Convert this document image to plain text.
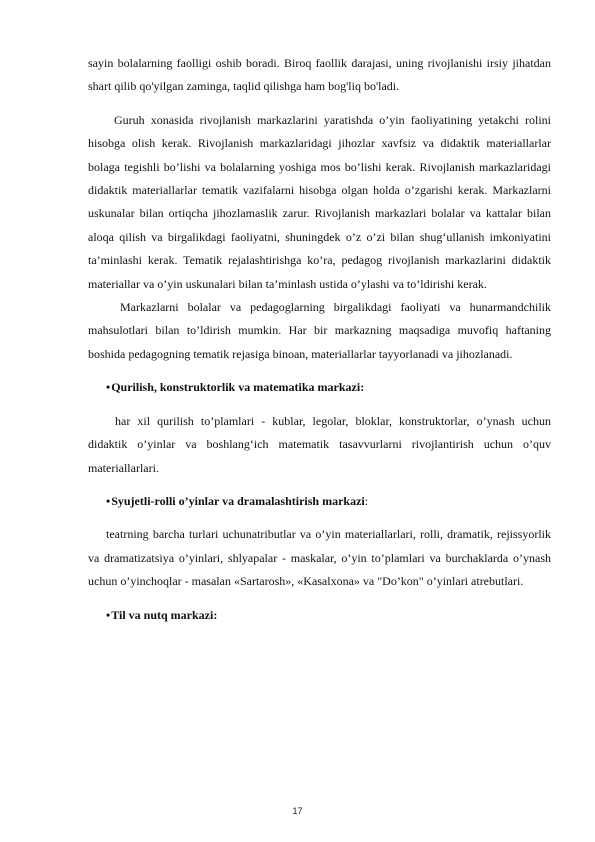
sayin bolalarning faolligi oshib boradi. Biroq faollik darajasi, uning rivojlanishi irsiy jihatdan shart qilib qo'yilgan zaminga, taqlid qilishga ham bog'liq bo'ladi.

Guruh xonasida rivojlanish markazlarini yaratishda o’yin faoliyatining yetakchi rolini hisobga olish kerak. Rivojlanish markazlaridagi jihozlar xavfsiz va didaktik materiallarlar bolaga tegishli bo’lishi va bolalarning yoshiga mos bo’lishi kerak. Rivojlanish markazlaridagi didaktik materiallarlar tematik vazifalarni hisobga olgan holda o’zgarishi kerak. Markazlarni uskunalar bilan ortiqcha jihozlamaslik zarur. Rivojlanish markazlari bolalar va kattalar bilan aloqa qilish va birgalikdagi faoliyatni, shuningdek o’z o’zi bilan shug‘ullanish imkoniyatini ta’minlashi kerak. Tematik rejalashtirishga ko’ra, pedagog rivojlanish markazlarini didaktik materiallar va o’yin uskunalari bilan ta’minlash ustida o’ylashi va to’ldirishi kerak.

Markazlarni bolalar va pedagoglarning birgalikdagi faoliyati va hunarmandchilik mahsulotlari bilan to’ldirish mumkin. Har bir markazning maqsadiga muvofiq haftaning boshida pedagogning tematik rejasiga binoan, materiallarlar tayyorlanadi va jihozlanadi.

•Qurilish, konstruktorlik va matematika markazi:

har xil qurilish to’plamlari - kublar, legolar, bloklar, konstruktorlar, o’ynash uchun didaktik o’yinlar va boshlang‘ich matematik tasavvurlarni rivojlantirish uchun o’quv materiallarlari.

•Syujetli-rolli o’yinlar va dramalashtirish markazi:

teatrning barcha turlari uchunatributlar va o’yin materiallarlari, rolli, dramatik, rejissyorlik va dramatizatsiya o’yinlari, shlyapalar - maskalar, o’yin to’plamlari va burchaklarda o’ynash uchun o’yinchoqlar - masalan «Sartarosh», «Kasalxona» va "Do’kon" o’yinlari atrebutlari.

•Til va nutq markazi:
17
